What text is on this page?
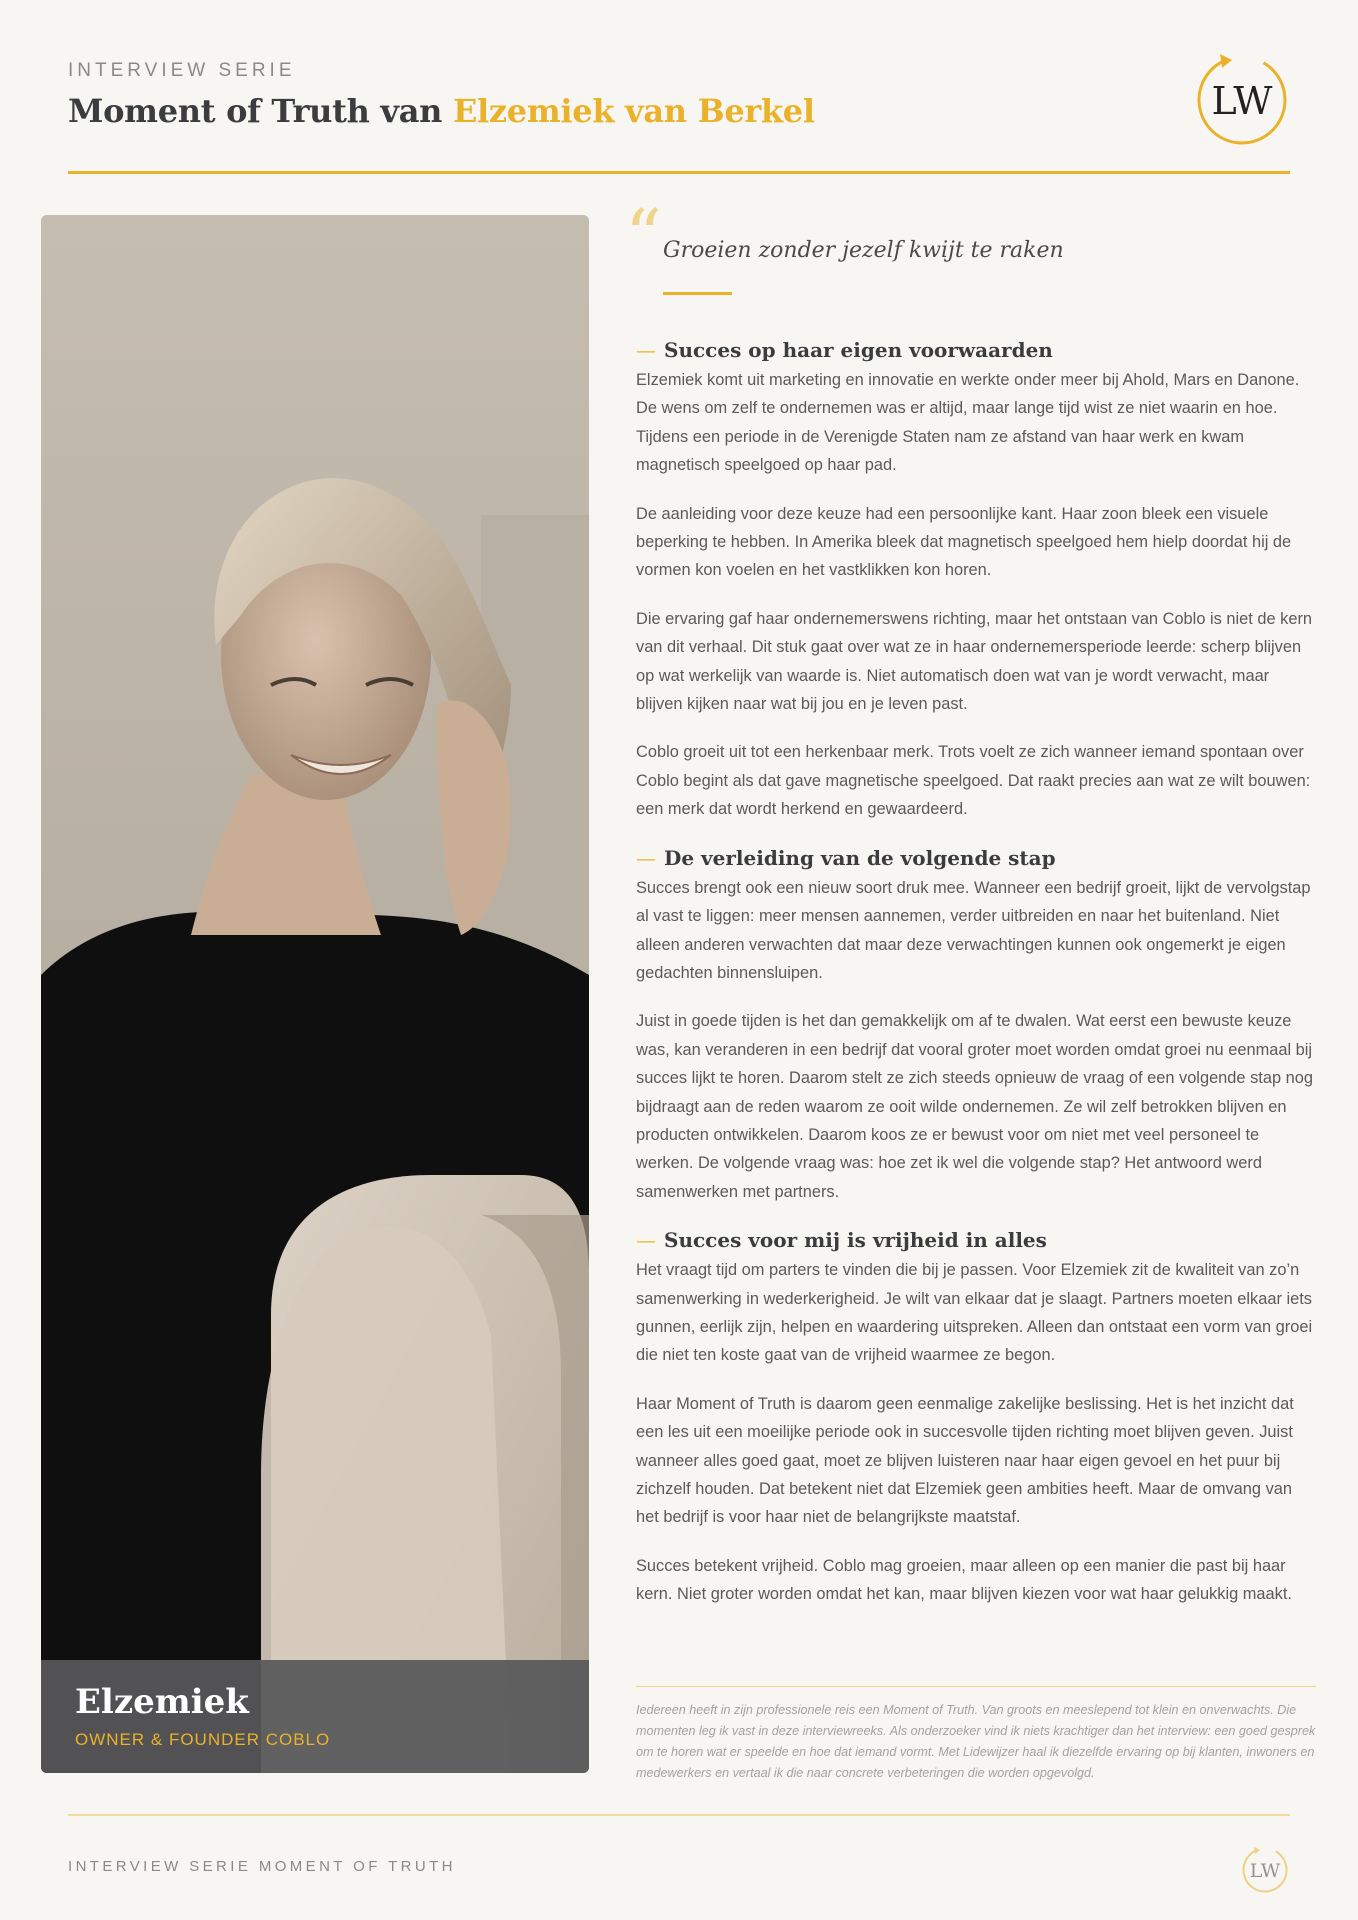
INTERVIEW SERIE
Moment of Truth van Elzemiek van Berkel	LW
Elzemiek
OWNER & FOUNDER COBLO
“ Groeien zonder jezelf kwijt te raken
— Succes op haar eigen voorwaarden

Elzemiek komt uit marketing en innovatie en werkte onder meer bij Ahold, Mars en Danone. De wens om zelf te ondernemen was er altijd, maar lange tijd wist ze niet waarin en hoe. Tijdens een periode in de Verenigde Staten nam ze afstand van haar werk en kwam magnetisch speelgoed op haar pad.

De aanleiding voor deze keuze had een persoonlijke kant. Haar zoon bleek een visuele beperking te hebben. In Amerika bleek dat magnetisch speelgoed hem hielp doordat hij de vormen kon voelen en het vastklikken kon horen.

Die ervaring gaf haar ondernemerswens richting, maar het ontstaan van Coblo is niet de kern van dit verhaal. Dit stuk gaat over wat ze in haar ondernemersperiode leerde: scherp blijven op wat werkelijk van waarde is. Niet automatisch doen wat van je wordt verwacht, maar blijven kijken naar wat bij jou en je leven past.

Coblo groeit uit tot een herkenbaar merk. Trots voelt ze zich wanneer iemand spontaan over Coblo begint als dat gave magnetische speelgoed. Dat raakt precies aan wat ze wilt bouwen: een merk dat wordt herkend en gewaardeerd.

— De verleiding van de volgende stap

Succes brengt ook een nieuw soort druk mee. Wanneer een bedrijf groeit, lijkt de vervolgstap al vast te liggen: meer mensen aannemen, verder uitbreiden en naar het buitenland. Niet alleen anderen verwachten dat maar deze verwachtingen kunnen ook ongemerkt je eigen gedachten binnensluipen.

Juist in goede tijden is het dan gemakkelijk om af te dwalen. Wat eerst een bewuste keuze was, kan veranderen in een bedrijf dat vooral groter moet worden omdat groei nu eenmaal bij succes lijkt te horen. Daarom stelt ze zich steeds opnieuw de vraag of een volgende stap nog bijdraagt aan de reden waarom ze ooit wilde ondernemen. Ze wil zelf betrokken blijven en producten ontwikkelen. Daarom koos ze er bewust voor om niet met veel personeel te werken. De volgende vraag was: hoe zet ik wel die volgende stap? Het antwoord werd samenwerken met partners.

— Succes voor mij is vrijheid in alles

Het vraagt tijd om parters te vinden die bij je passen. Voor Elzemiek zit de kwaliteit van zo’n samenwerking in wederkerigheid. Je wilt van elkaar dat je slaagt. Partners moeten elkaar iets gunnen, eerlijk zijn, helpen en waardering uitspreken. Alleen dan ontstaat een vorm van groei die niet ten koste gaat van de vrijheid waarmee ze begon.

Haar Moment of Truth is daarom geen eenmalige zakelijke beslissing. Het is het inzicht dat een les uit een moeilijke periode ook in succesvolle tijden richting moet blijven geven. Juist wanneer alles goed gaat, moet ze blijven luisteren naar haar eigen gevoel en het puur bij zichzelf houden. Dat betekent niet dat Elzemiek geen ambities heeft. Maar de omvang van het bedrijf is voor haar niet de belangrijkste maatstaf.

Succes betekent vrijheid. Coblo mag groeien, maar alleen op een manier die past bij haar kern. Niet groter worden omdat het kan, maar blijven kiezen voor wat haar gelukkig maakt.

Iedereen heeft in zijn professionele reis een Moment of Truth. Van groots en meeslepend tot klein en onverwachts. Die momenten leg ik vast in deze interviewreeks. Als onderzoeker vind ik niets krachtiger dan het interview: een goed gesprek om te horen wat er speelde en hoe dat iemand vormt. Met Lidewijzer haal ik diezelfde ervaring op bij klanten, inwoners en medewerkers en vertaal ik die naar concrete verbeteringen die worden opgevolgd.
INTERVIEW SERIE MOMENT OF TRUTH	LW
